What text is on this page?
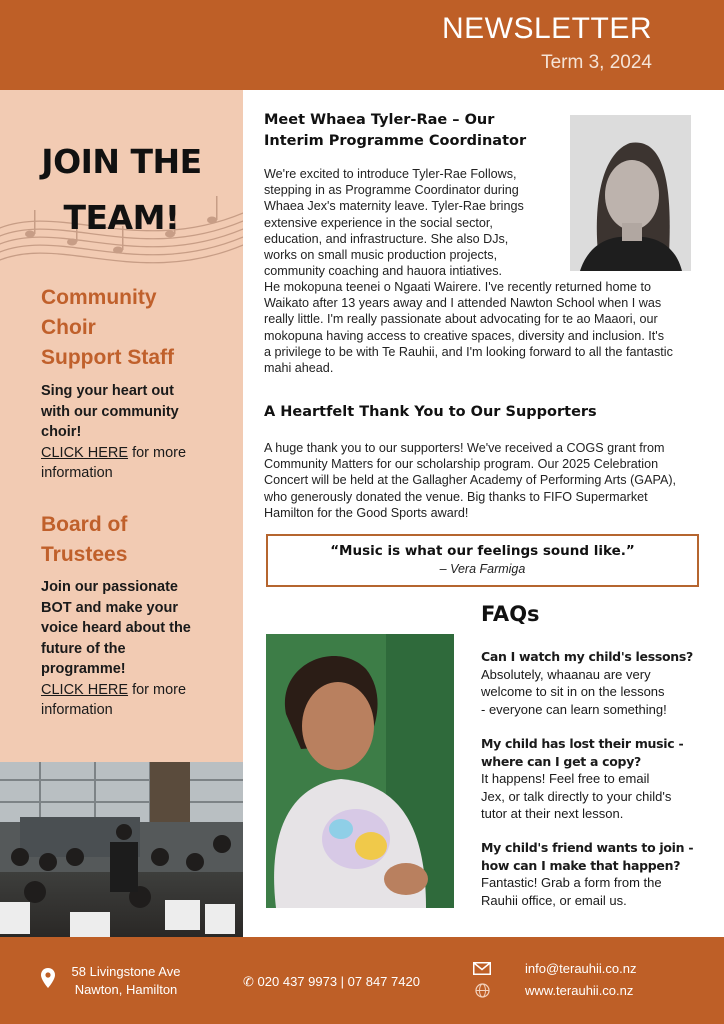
NEWSLETTER
Term 3, 2024
JOIN THE
TEAM!
Community
Choir
Support Staff
Sing your heart out
with our community
choir!
CLICK HERE for more
information
Board of
Trustees
Join our passionate
BOT and make your
voice heard about the
future of the
programme!
CLICK HERE for more
information
Meet Whaea Tyler-Rae – Our
Interim Programme Coordinator
We're excited to introduce Tyler-Rae Follows,
stepping in as Programme Coordinator during
Whaea Jex's maternity leave. Tyler-Rae brings
extensive experience in the social sector,
education, and infrastructure. She also DJs,
works on small music production projects,
community coaching and hauora intiatives.
He mokopuna teenei o Ngaati Wairere. I've recently returned home to
Waikato after 13 years away and I attended Nawton School when I was
really little. I'm really passionate about advocating for te ao Maaori, our
mokopuna having access to creative spaces, diversity and inclusion. It's
a privilege to be with Te Rauhii, and I'm looking forward to all the fantastic
mahi ahead.
A Heartfelt Thank You to Our Supporters
A huge thank you to our supporters! We've received a COGS grant from
Community Matters for our scholarship program. Our 2025 Celebration
Concert will be held at the Gallagher Academy of Performing Arts (GAPA),
who generously donated the venue. Big thanks to FIFO Supermarket
Hamilton for the Good Sports award!
“Music is what our feelings sound like.”
– Vera Farmiga
FAQs
Can I watch my child's lessons?
Absolutely, whaanau are very
welcome to sit in on the lessons
- everyone can learn something!
My child has lost their music -
where can I get a copy?
It happens! Feel free to email
Jex, or talk directly to your child's
tutor at their next lesson.
My child's friend wants to join -
how can I make that happen?
Fantastic! Grab a form from the
Rauhii office, or email us.
58 Livingstone Ave
Nawton, Hamilton
✆ 020 437 9973 | 07 847 7420
info@terauhii.co.nz
www.terauhii.co.nz
